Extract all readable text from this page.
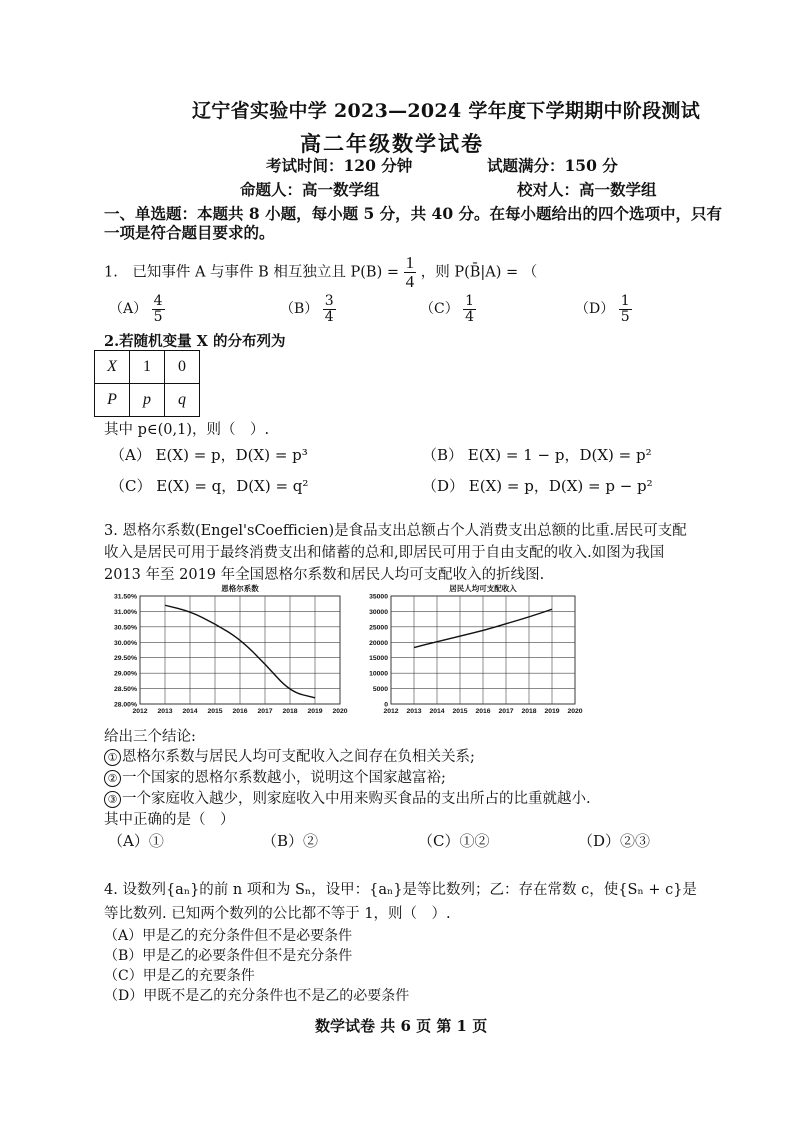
辽宁省实验中学 2023—2024 学年度下学期期中阶段测试
高二年级数学试卷
考试时间：120 分钟	试题满分：150 分
命题人：高一数学组	校对人：高一数学组
一、单选题：本题共 8 小题，每小题 5 分，共 40 分。在每小题给出的四个选项中，只有
一项是符合题目要求的。
1.　已知事件 A 与事件 B 相互独立且 $P(B) = \frac{1}{4}$ ，则 P(B̄|A) = （
$(A) \frac{4}{5}$	$(B) \frac{3}{4}$	$(C) \frac{1}{4}$	$(D) \frac{1}{5}$
2.若随机变量 X 的分布列为
X	1	0
P	p	q
其中 p∈(0,1)，则（　）.
（A） E(X) = p，D(X) = p³	（B） E(X) = 1 − p，D(X) = p²
（C） E(X) = q，D(X) = q²	（D） E(X) = p，D(X) = p − p²
3. 恩格尔系数(Engel'sCoefficien)是食品支出总额占个人消费支出总额的比重.居民可支配
收入是居民可用于最终消费支出和储蓄的总和,即居民可用于自由支配的收入.如图为我国
2013 年至 2019 年全国恩格尔系数和居民人均可支配收入的折线图.
恩格尔系数
28.00%
28.50%
29.00%
29.50%
30.00%
30.50%
31.00%
31.50%
2012 2013 2014 2015 2016 2017 2018 2019 2020
居民人均可支配收入
0
5000
10000
15000
20000
25000
30000
35000
2012 2013 2014 2015 2016 2017 2018 2019 2020
给出三个结论:
① 恩格尔系数与居民人均可支配收入之间存在负相关关系;
② 一个国家的恩格尔系数越小，说明这个国家越富裕;
③ 一个家庭收入越少，则家庭收入中用来购买食品的支出所占的比重就越小.
其中正确的是（　）
（A）①	（B）②	（C）①②	（D）②③
4. 设数列{aₙ}的前 n 项和为 Sₙ，设甲：{aₙ}是等比数列；乙：存在常数 c，使{Sₙ + c}是
等比数列. 已知两个数列的公比都不等于 1，则（　）.
（A）甲是乙的充分条件但不是必要条件
（B）甲是乙的必要条件但不是充分条件
（C）甲是乙的充要条件
（D）甲既不是乙的充分条件也不是乙的必要条件
数学试卷 共 6 页 第 1 页
